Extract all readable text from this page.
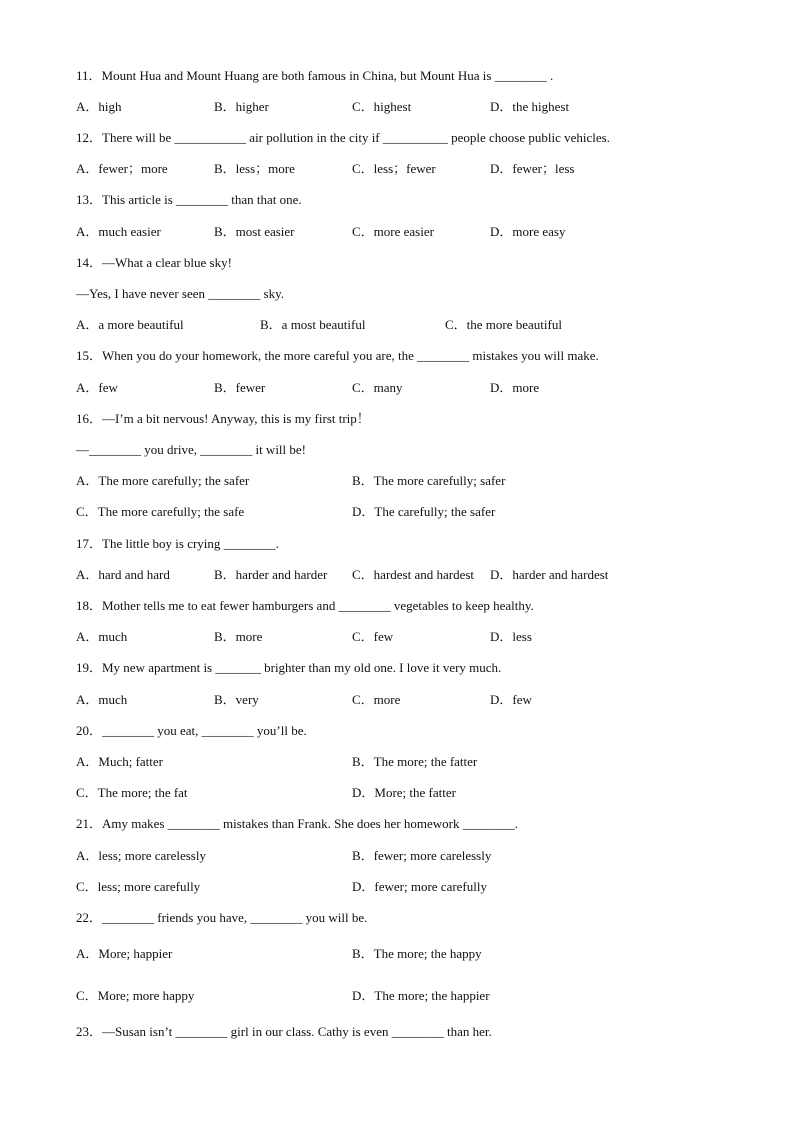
11．Mount Hua and Mount Huang are both famous in China, but Mount Hua is ________ .
A．high	B．higher	C．highest	D．the highest
12．There will be ___________ air pollution in the city if __________ people choose public vehicles.
A．fewer；more	B．less；more	C．less；fewer	D．fewer；less
13．This article is ________ than that one.
A．much easier	B．most easier	C．more easier	D．more easy
14．—What a clear blue sky!
—Yes, I have never seen ________ sky.
A．a more beautiful	B．a most beautiful	C．the more beautiful
15．When you do your homework, the more careful you are, the ________ mistakes you will make.
A．few	B．fewer	C．many	D．more
16．—I’m a bit nervous! Anyway, this is my first trip！
—________ you drive, ________ it will be!
A．The more carefully; the safer	B．The more carefully; safer
C．The more carefully; the safe	D．The carefully; the safer
17．The little boy is crying ________.
A．hard and hard	B．harder and harder C．hardest and hardest D．harder and hardest
18．Mother tells me to eat fewer hamburgers and ________ vegetables to keep healthy.
A．much	B．more	C．few	D．less
19．My new apartment is _______ brighter than my old one. I love it very much.
A．much	B．very	C．more	D．few
20．________ you eat, ________ you’ll be.
A．Much; fatter	B．The more; the fatter
C．The more; the fat	D．More; the fatter
21．Amy makes ________ mistakes than Frank. She does her homework ________.
A．less; more carelessly	B．fewer; more carelessly
C．less; more carefully	D．fewer; more carefully
22．________ friends you have, ________ you will be.
A．More; happier	B．The more; the happy
C．More; more happy	D．The more; the happier
23．—Susan isn’t ________ girl in our class. Cathy is even ________ than her.
